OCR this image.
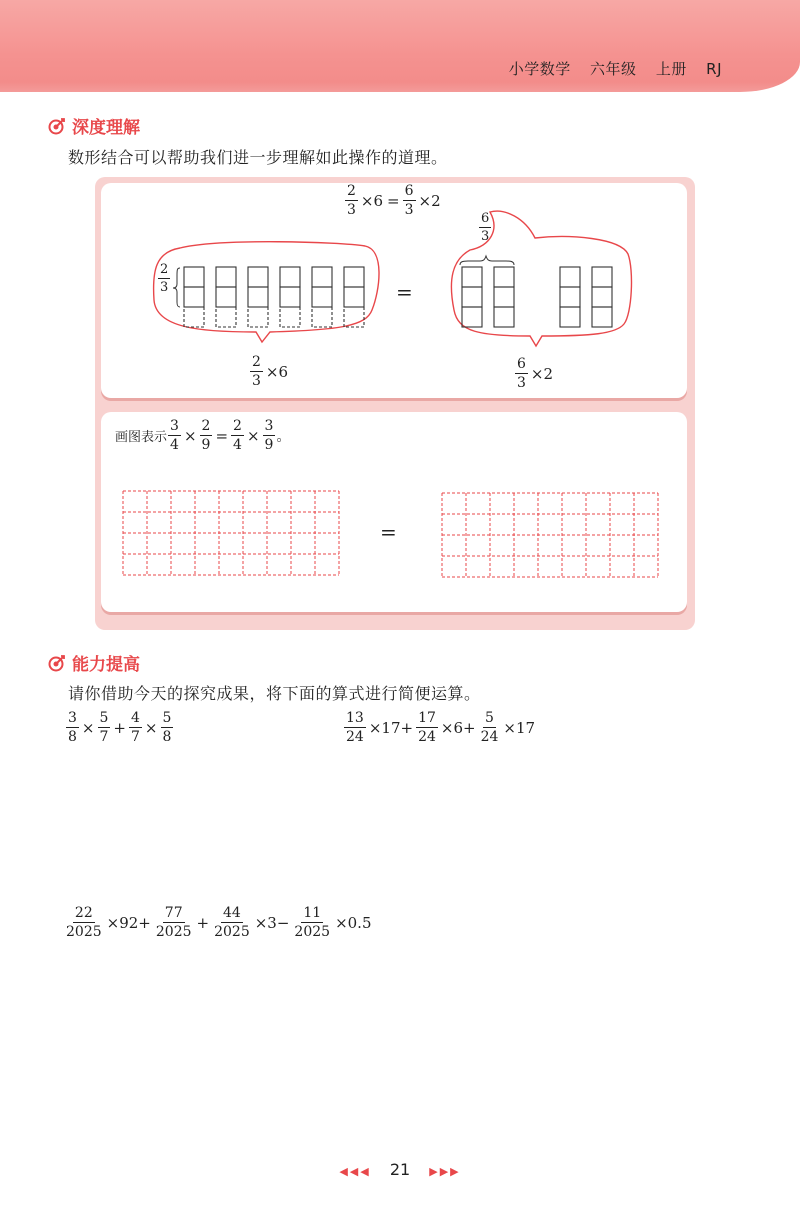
小学数学 六年级 上册 RJ
深度理解
数形结合可以帮助我们进一步理解如此操作的道理。
$\frac{2}{3} \times 6 = \frac{6}{3} \times 2$
$\frac{2}{3}$
$\frac{6}{3}$
=
$\frac{2}{3} \times 6$	$\frac{6}{3} \times 2$
画图表示 $\frac{3}{4} \times \frac{2}{9} = \frac{2}{4} \times \frac{3}{9}$ 。
=
能力提高
请你借助今天的探究成果，将下面的算式进行简便运算。
$\frac{3}{8} \times \frac{5}{7} + \frac{4}{7} \times \frac{5}{8}$	$\frac{13}{24} \times 17+ \frac{17}{24} \times 6+ \frac{5}{24} \times 17$
$\frac{22}{2025} \times 92+ \frac{77}{2025} + \frac{44}{2025} \times 3- \frac{11}{2025} \times 0.5$
◀◀◀ 21 ▶▶▶
